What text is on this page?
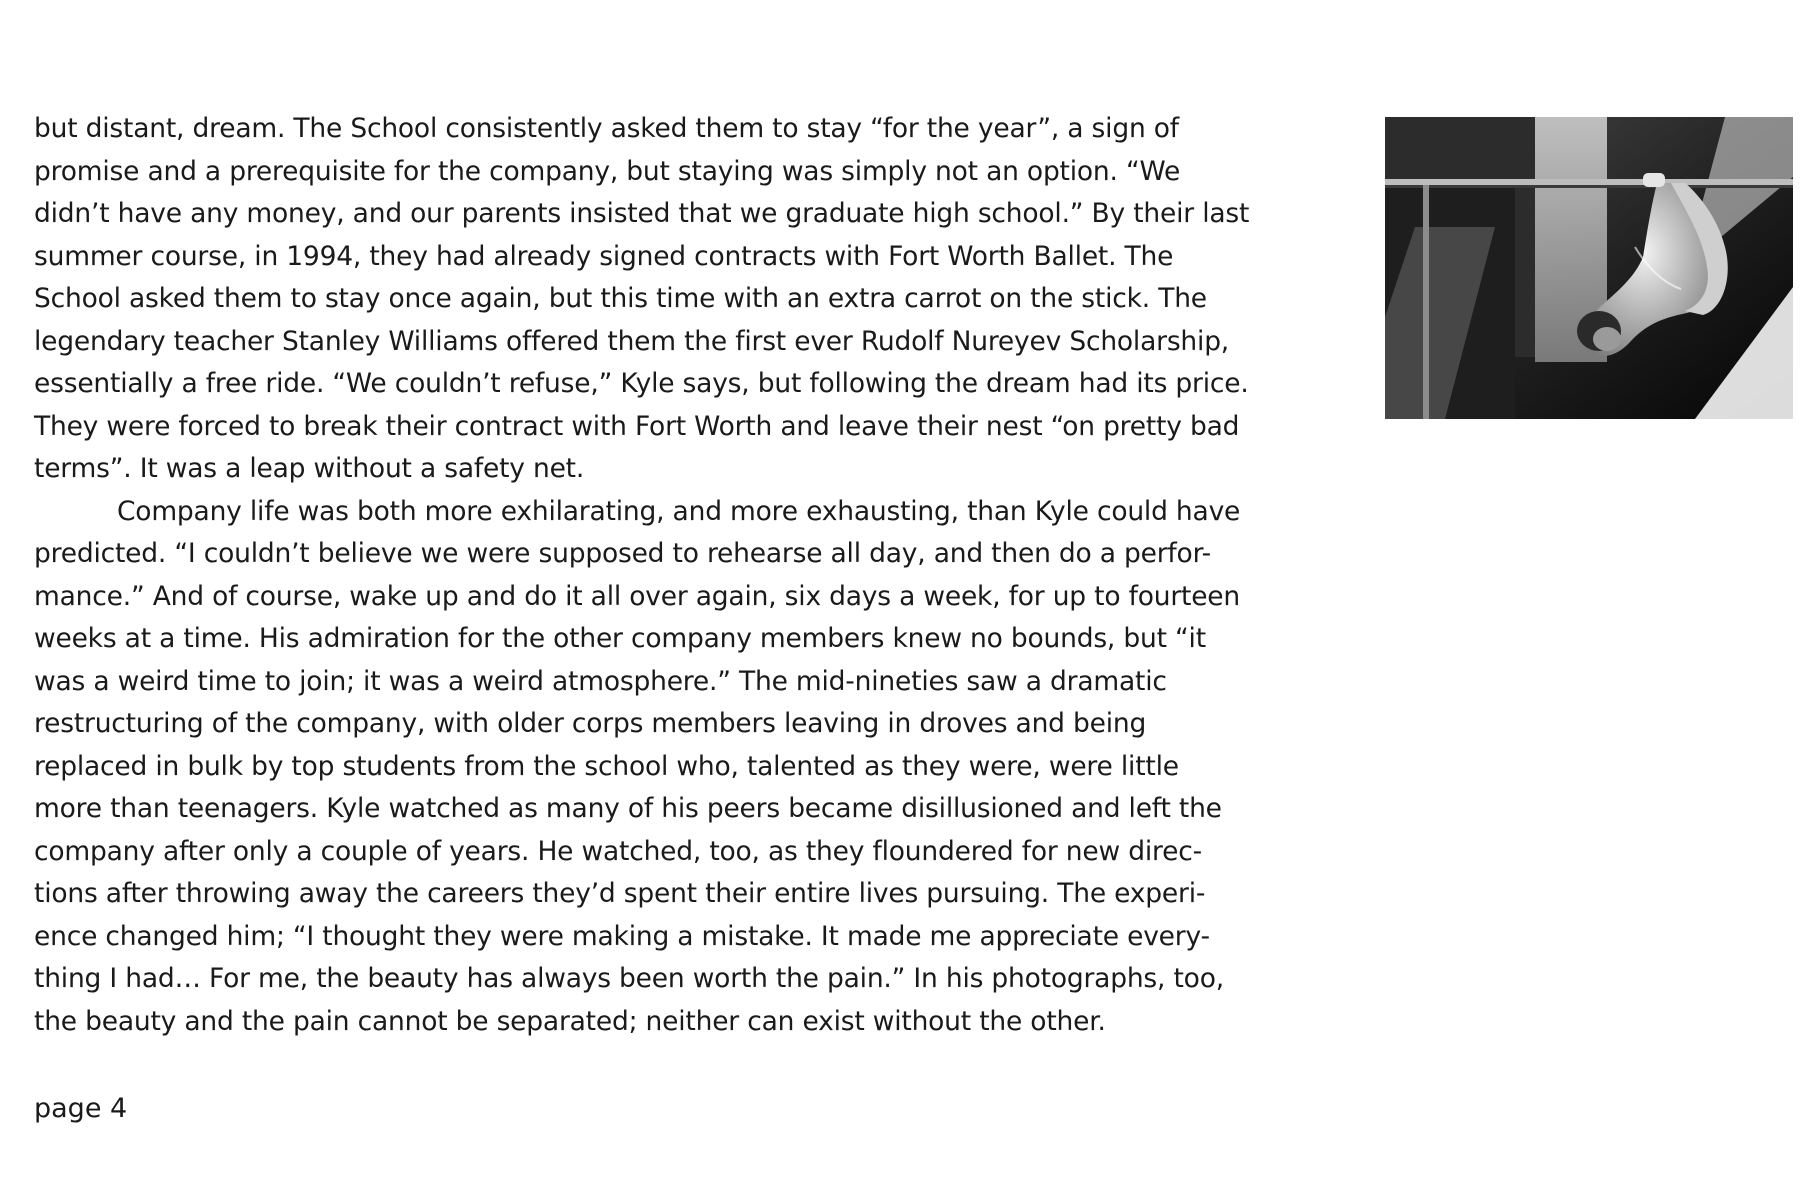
but distant, dream. The School consistently asked them to stay “for the year”, a sign of
promise and a prerequisite for the company, but staying was simply not an option. “We
didn’t have any money, and our parents insisted that we graduate high school.” By their last
summer course, in 1994, they had already signed contracts with Fort Worth Ballet. The
School asked them to stay once again, but this time with an extra carrot on the stick. The
legendary teacher Stanley Williams offered them the first ever Rudolf Nureyev Scholarship,
essentially a free ride. “We couldn’t refuse,” Kyle says, but following the dream had its price.
They were forced to break their contract with Fort Worth and leave their nest “on pretty bad
terms”. It was a leap without a safety net.
Company life was both more exhilarating, and more exhausting, than Kyle could have
predicted. “I couldn’t believe we were supposed to rehearse all day, and then do a perfor-
mance.” And of course, wake up and do it all over again, six days a week, for up to fourteen
weeks at a time. His admiration for the other company members knew no bounds, but “it
was a weird time to join; it was a weird atmosphere.” The mid-nineties saw a dramatic
restructuring of the company, with older corps members leaving in droves and being
replaced in bulk by top students from the school who, talented as they were, were little
more than teenagers. Kyle watched as many of his peers became disillusioned and left the
company after only a couple of years. He watched, too, as they floundered for new direc-
tions after throwing away the careers they’d spent their entire lives pursuing. The experi-
ence changed him; “I thought they were making a mistake. It made me appreciate every-
thing I had… For me, the beauty has always been worth the pain.” In his photographs, too,
the beauty and the pain cannot be separated; neither can exist without the other.
page 4
